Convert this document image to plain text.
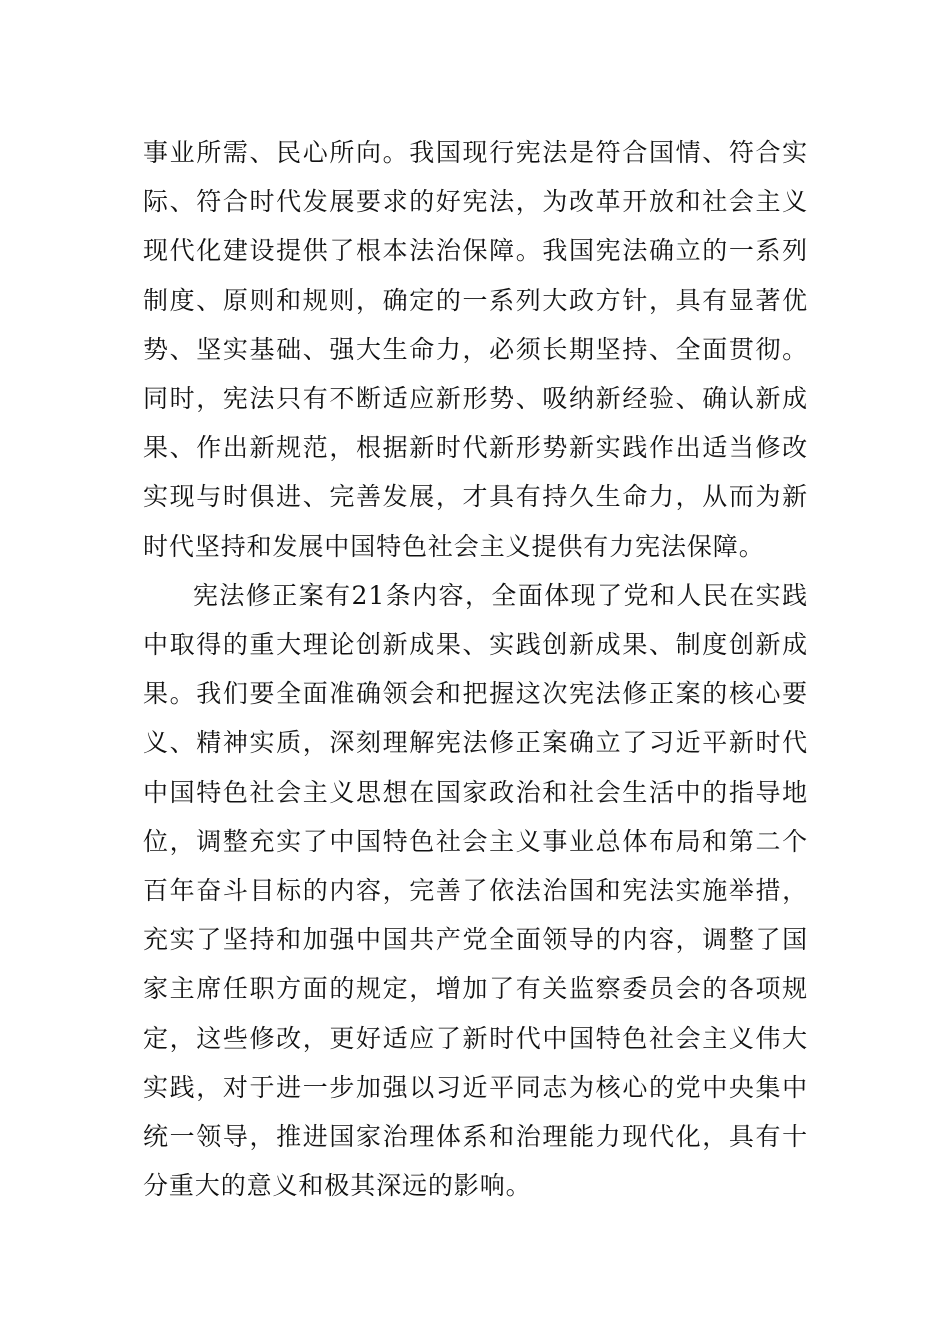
事业所需、民心所向。我国现行宪法是符合国情、符合实际、符合时代发展要求的好宪法，为改革开放和社会主义现代化建设提供了根本法治保障。我国宪法确立的一系列制度、原则和规则，确定的一系列大政方针，具有显著优势、坚实基础、强大生命力，必须长期坚持、全面贯彻。同时，宪法只有不断适应新形势、吸纳新经验、确认新成果、作出新规范，根据新时代新形势新实践作出适当修改实现与时俱进、完善发展，才具有持久生命力，从而为新时代坚持和发展中国特色社会主义提供有力宪法保障。

宪法修正案有21条内容，全面体现了党和人民在实践中取得的重大理论创新成果、实践创新成果、制度创新成果。我们要全面准确领会和把握这次宪法修正案的核心要义、精神实质，深刻理解宪法修正案确立了习近平新时代中国特色社会主义思想在国家政治和社会生活中的指导地位，调整充实了中国特色社会主义事业总体布局和第二个百年奋斗目标的内容，完善了依法治国和宪法实施举措，充实了坚持和加强中国共产党全面领导的内容，调整了国家主席任职方面的规定，增加了有关监察委员会的各项规定，这些修改，更好适应了新时代中国特色社会主义伟大实践，对于进一步加强以习近平同志为核心的党中央集中统一领导，推进国家治理体系和治理能力现代化，具有十分重大的意义和极其深远的影响。
